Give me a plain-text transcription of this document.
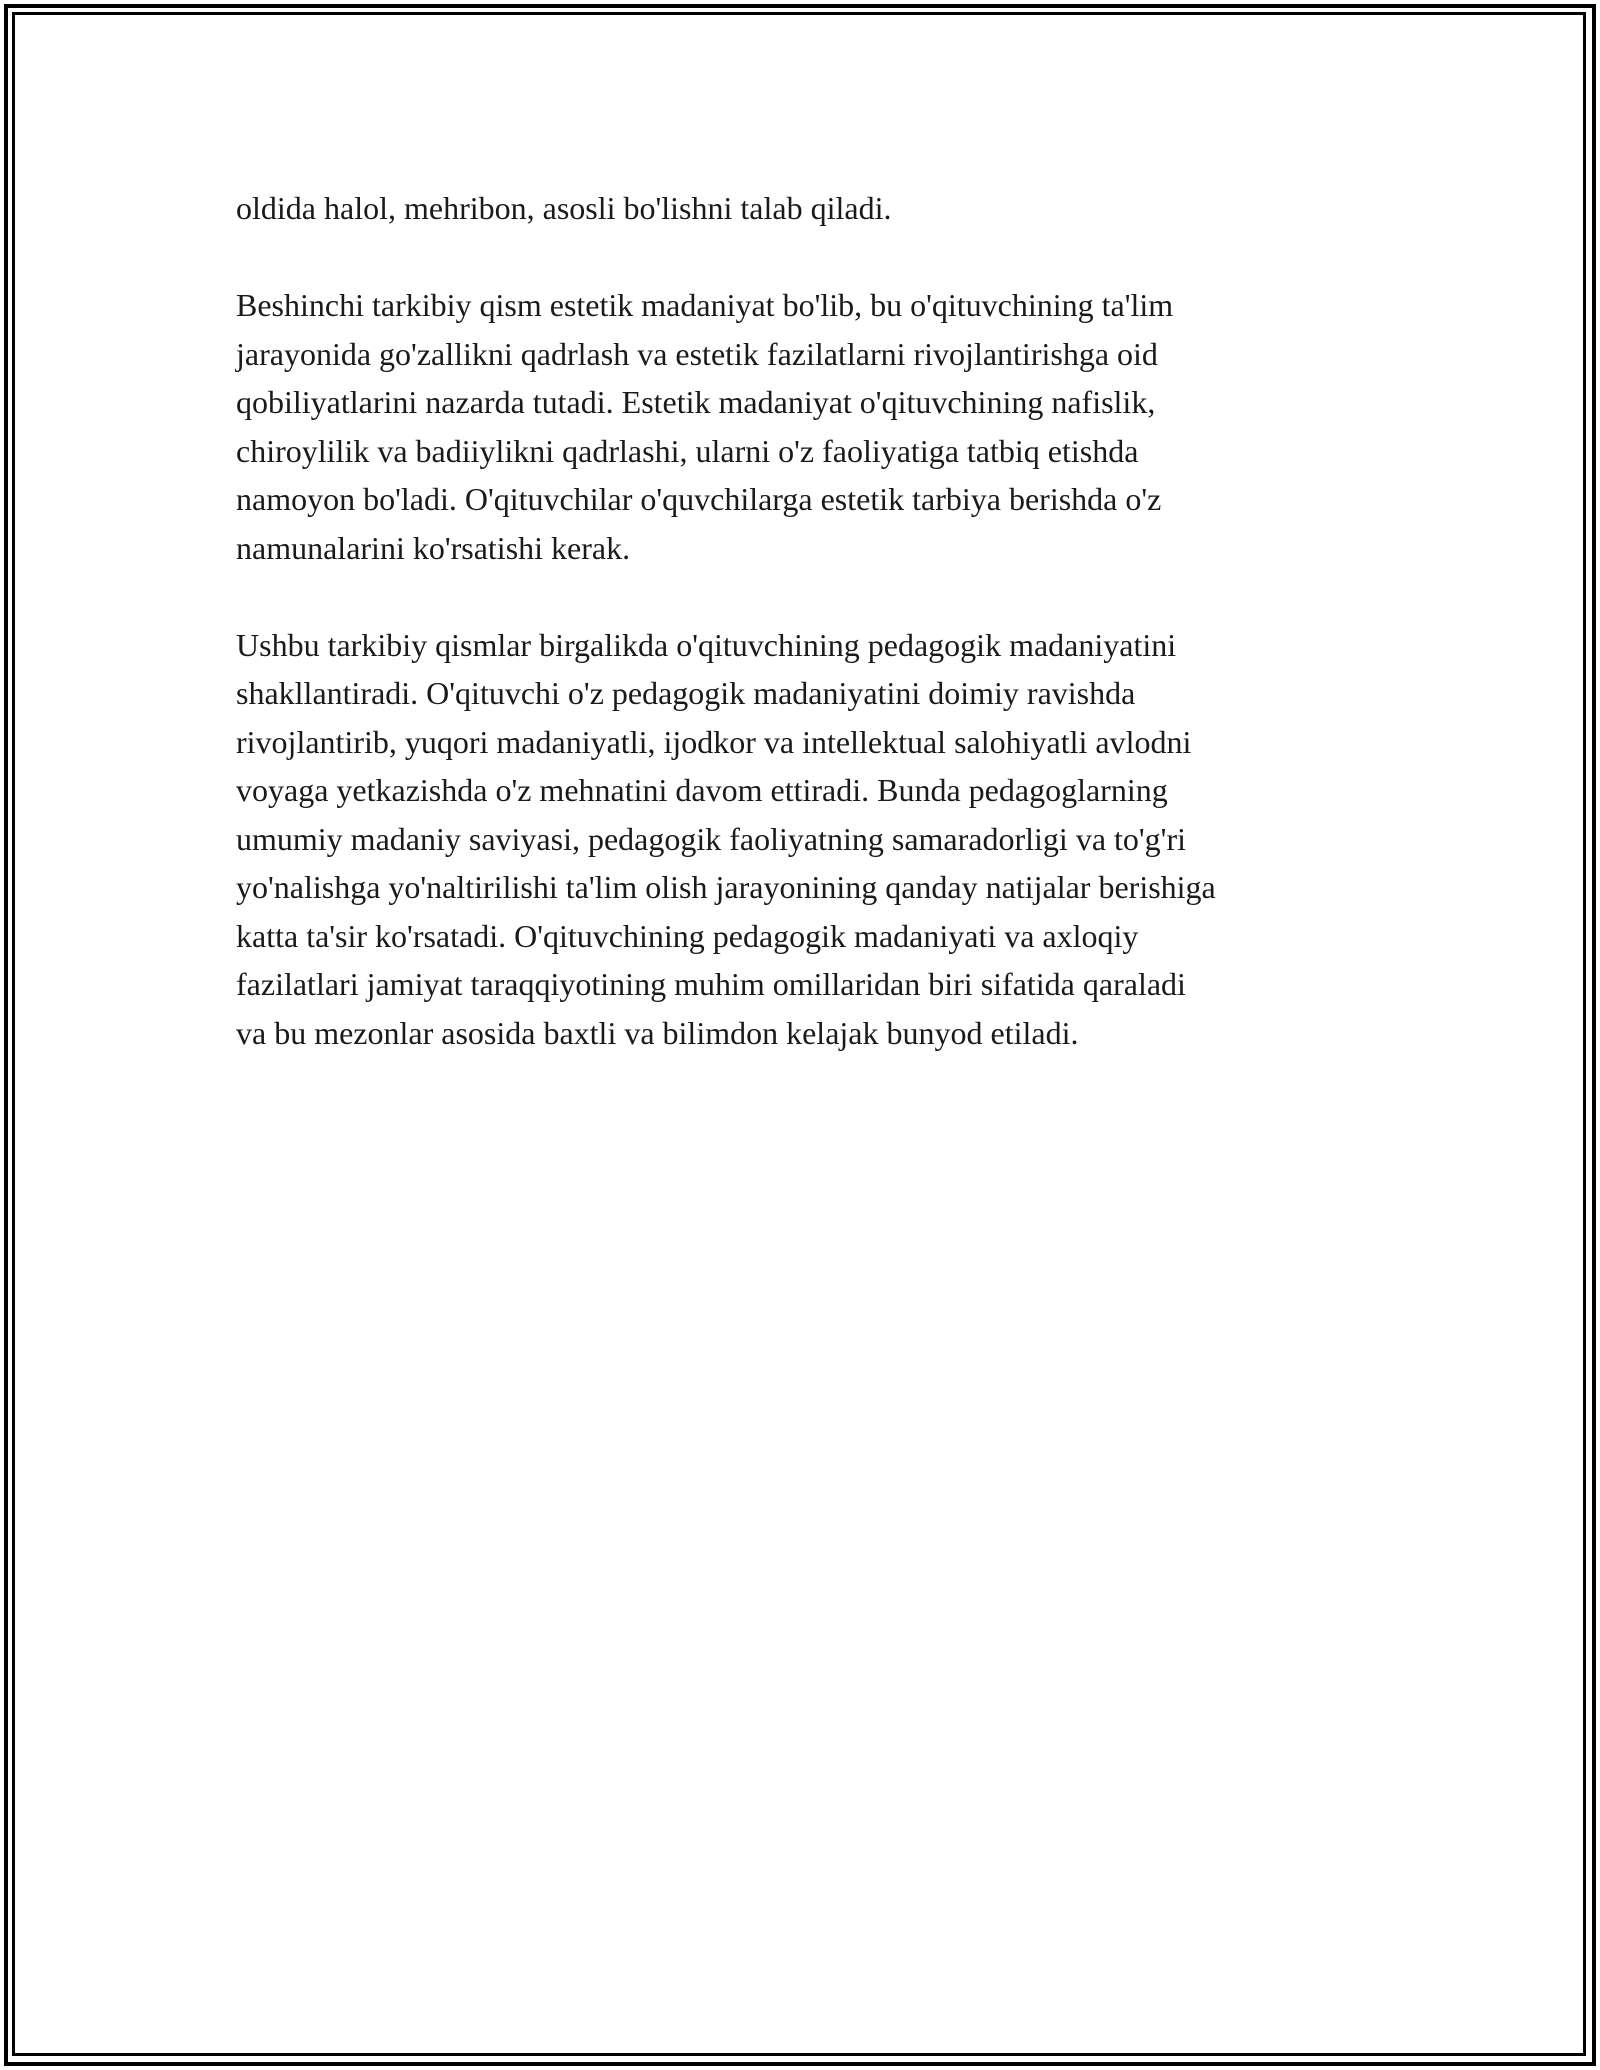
oldida halol, mehribon, asosli bo'lishni talab qiladi.

Beshinchi tarkibiy qism estetik madaniyat bo'lib, bu o'qituvchining ta'lim
jarayonida go'zallikni qadrlash va estetik fazilatlarni rivojlantirishga oid
qobiliyatlarini nazarda tutadi. Estetik madaniyat o'qituvchining nafislik,
chiroylilik va badiiylikni qadrlashi, ularni o'z faoliyatiga tatbiq etishda
namoyon bo'ladi. O'qituvchilar o'quvchilarga estetik tarbiya berishda o'z
namunalarini ko'rsatishi kerak.

Ushbu tarkibiy qismlar birgalikda o'qituvchining pedagogik madaniyatini
shakllantiradi. O'qituvchi o'z pedagogik madaniyatini doimiy ravishda
rivojlantirib, yuqori madaniyatli, ijodkor va intellektual salohiyatli avlodni
voyaga yetkazishda o'z mehnatini davom ettiradi. Bunda pedagoglarning
umumiy madaniy saviyasi, pedagogik faoliyatning samaradorligi va to'g'ri
yo'nalishga yo'naltirilishi ta'lim olish jarayonining qanday natijalar berishiga
katta ta'sir ko'rsatadi. O'qituvchining pedagogik madaniyati va axloqiy
fazilatlari jamiyat taraqqiyotining muhim omillaridan biri sifatida qaraladi
va bu mezonlar asosida baxtli va bilimdon kelajak bunyod etiladi.
